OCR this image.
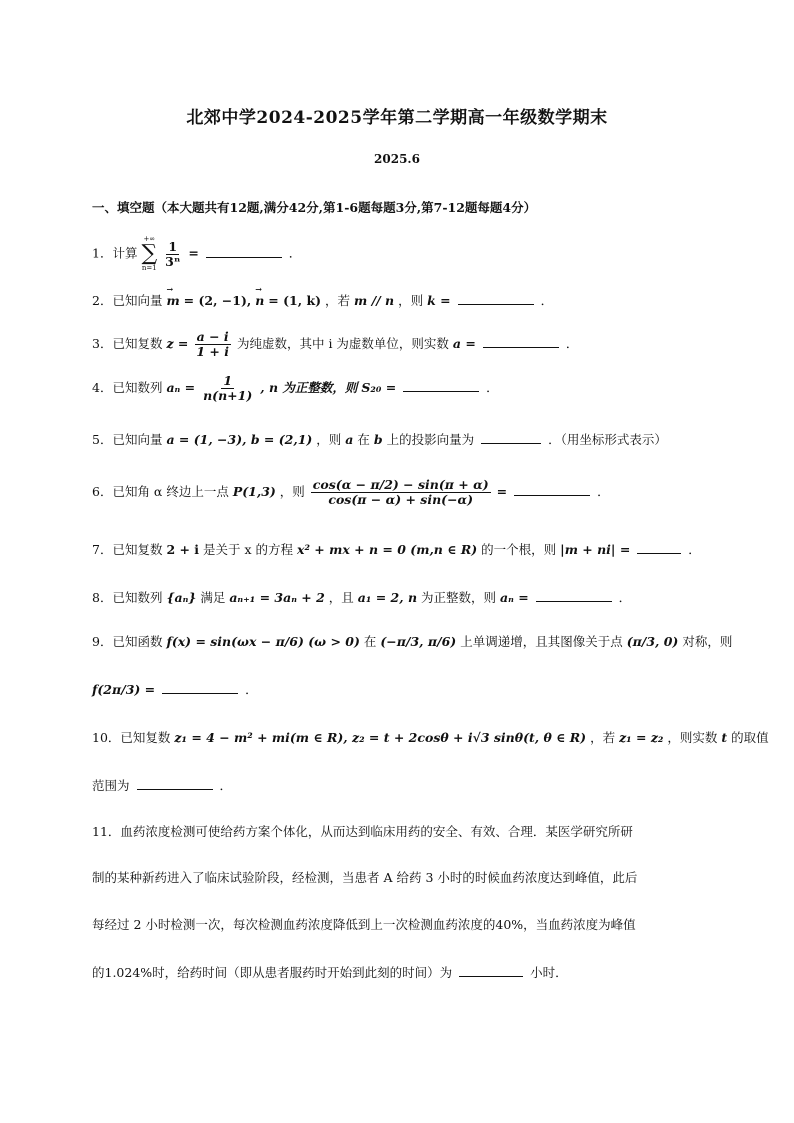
北郊中学2024-2025学年第二学期高一年级数学期末
2025.6
一、填空题（本大题共有12题,满分42分,第1-6题每题3分,第7-12题每题4分）
1．计算
+∞
∑
n=1
$\frac{1}{\text{3ⁿ}}$ =	．
2．已知向量 → m = (2, −1), → n = (1, k) ，若 m // n ，则 k =	．
3．已知复数 $z = \frac{a - i}{1 + i}$ 为纯虚数，其中 i 为虚数单位，则实数 a =	．
4．已知数列 $a_n = \frac{1}{n(n+1)}$ , n 为正整数，则 S₂₀ =	．
5．已知向量 a = (1, −3), b = (2,1) ，则 a 在 b 上的投影向量为	．（用坐标形式表示）
6．已知角 α 终边上一点 P(1,3) ，则 $\frac{\cos(\alpha - \pi/2) - \sin(\pi + \alpha)}{\cos(\pi - \alpha) + \sin(-\alpha)}$ =	．
7．已知复数 2 + i 是关于 x 的方程 x² + mx + n = 0 (m,n ∈ R) 的一个根，则 |m + ni| =	．
8．已知数列 {aₙ} 满足 aₙ₊₁ = 3aₙ + 2 ，且 a₁ = 2, n 为正整数，则 aₙ =	．
9．已知函数 f(x) = sin(ωx − π/6) (ω > 0) 在 (−π/3, π/6) 上单调递增，且其图像关于点 (π/3, 0) 对称，则
f(2π/3) =	．
10．已知复数 z₁ = 4 − m² + mi(m ∈ R), z₂ = t + 2cosθ + i√3 sinθ(t, θ ∈ R) ，若 z₁ = z₂ ，则实数 t 的取值
范围为	．
11．血药浓度检测可使给药方案个体化，从而达到临床用药的安全、有效、合理．某医学研究所研
制的某种新药进入了临床试验阶段，经检测，当患者 A 给药 3 小时的时候血药浓度达到峰值，此后
每经过 2 小时检测一次，每次检测血药浓度降低到上一次检测血药浓度的40%，当血药浓度为峰值
的1.024%时，给药时间（即从患者服药时开始到此刻的时间）为	小时．
